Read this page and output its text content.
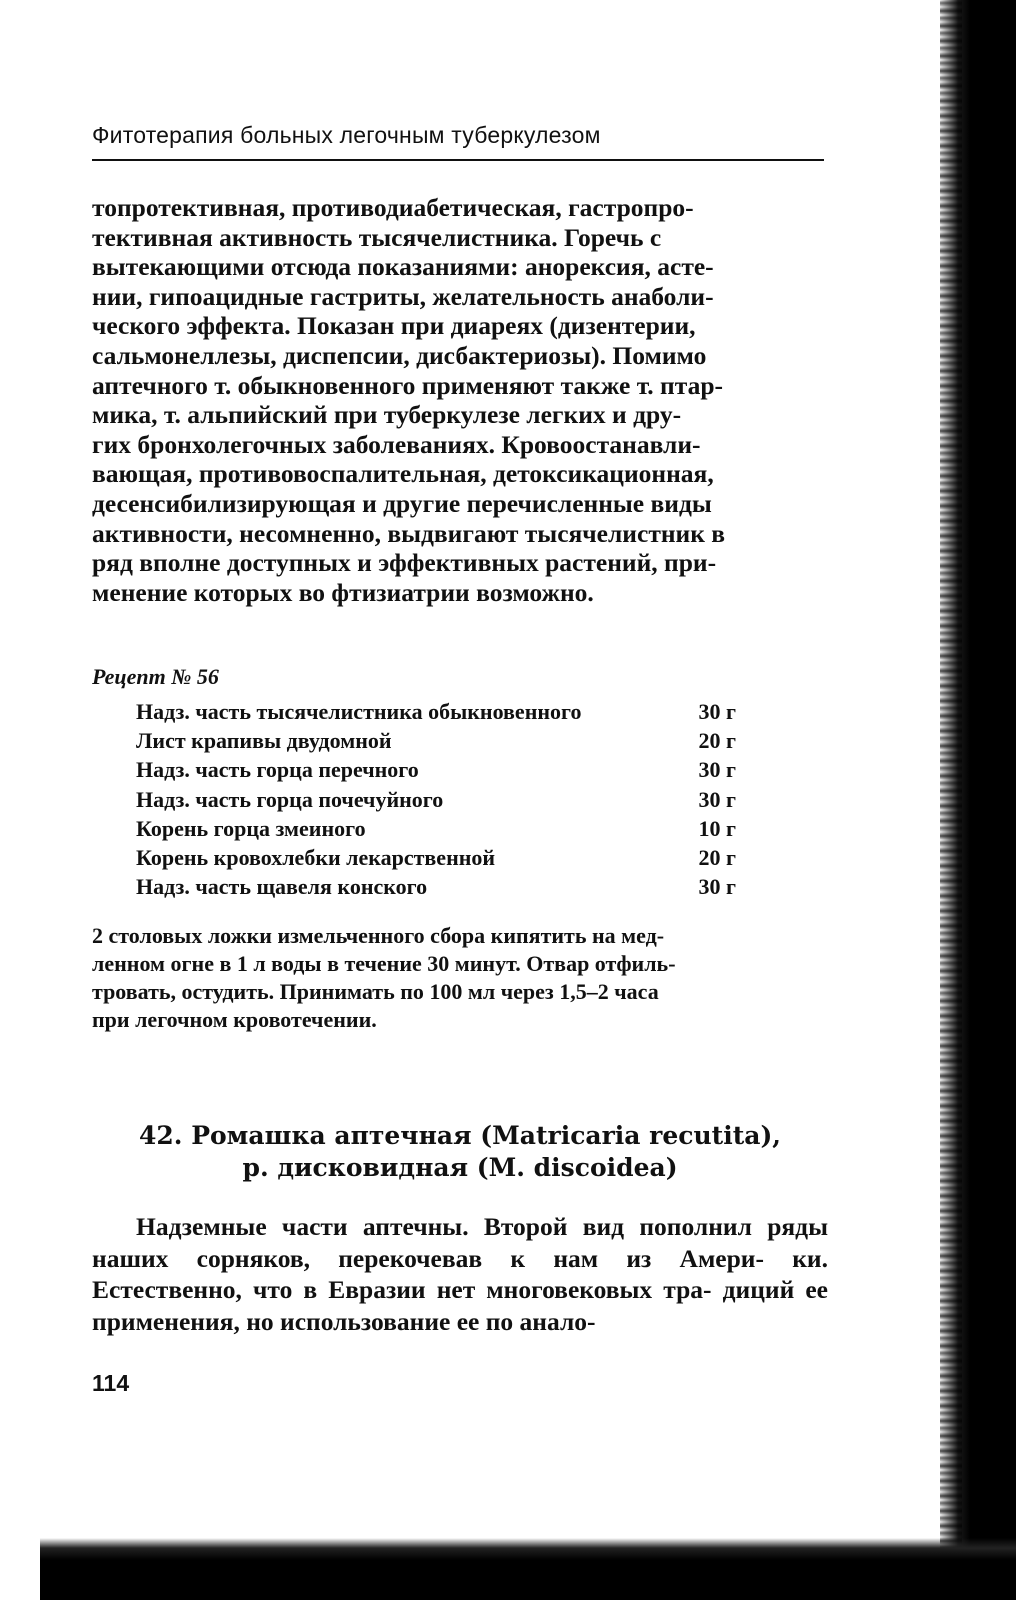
Фитотерапия больных легочным туберкулезом

топротективная, противодиабетическая, гастропро-

тективная активность тысячелистника. Горечь с

вытекающими отсюда показаниями: анорексия, асте-

нии, гипоацидные гастриты, желательность анаболи-

ческого эффекта. Показан при диареях (дизентерии,

сальмонеллезы, диспепсии, дисбактериозы). Помимо

аптечного т. обыкновенного применяют также т. птар-

мика, т. альпийский при туберкулезе легких и дру-

гих бронхолегочных заболеваниях. Кровоостанавли-

вающая, противовоспалительная, детоксикационная,

десенсибилизирующая и другие перечисленные виды

активности, несомненно, выдвигают тысячелистник в

ряд вполне доступных и эффективных растений, при-

менение которых во фтизиатрии возможно.

Рецепт № 56
Надз. часть тысячелистника обыкновенного	30 г
Лист крапивы двудомной	20 г
Надз. часть горца перечного	30 г
Надз. часть горца почечуйного	30 г
Корень горца змеиного	10 г
Корень кровохлебки лекарственной	20 г
Надз. часть щавеля конского	30 г
2 столовых ложки измельченного сбора кипятить на мед-
ленном огне в 1 л воды в течение 30 минут. Отвар отфиль-
тровать, остудить. Принимать по 100 мл через 1,5–2 часа
при легочном кровотечении.
42. Ромашка аптечная (Matricaria recutita),
р. дисковидная (M. discoidea)
Надземные части аптечны. Второй вид пополнил ряды наших сорняков, перекочевав к нам из Амери- ки. Естественно, что в Евразии нет многовековых тра- диций ее применения, но использование ее по анало-
114
